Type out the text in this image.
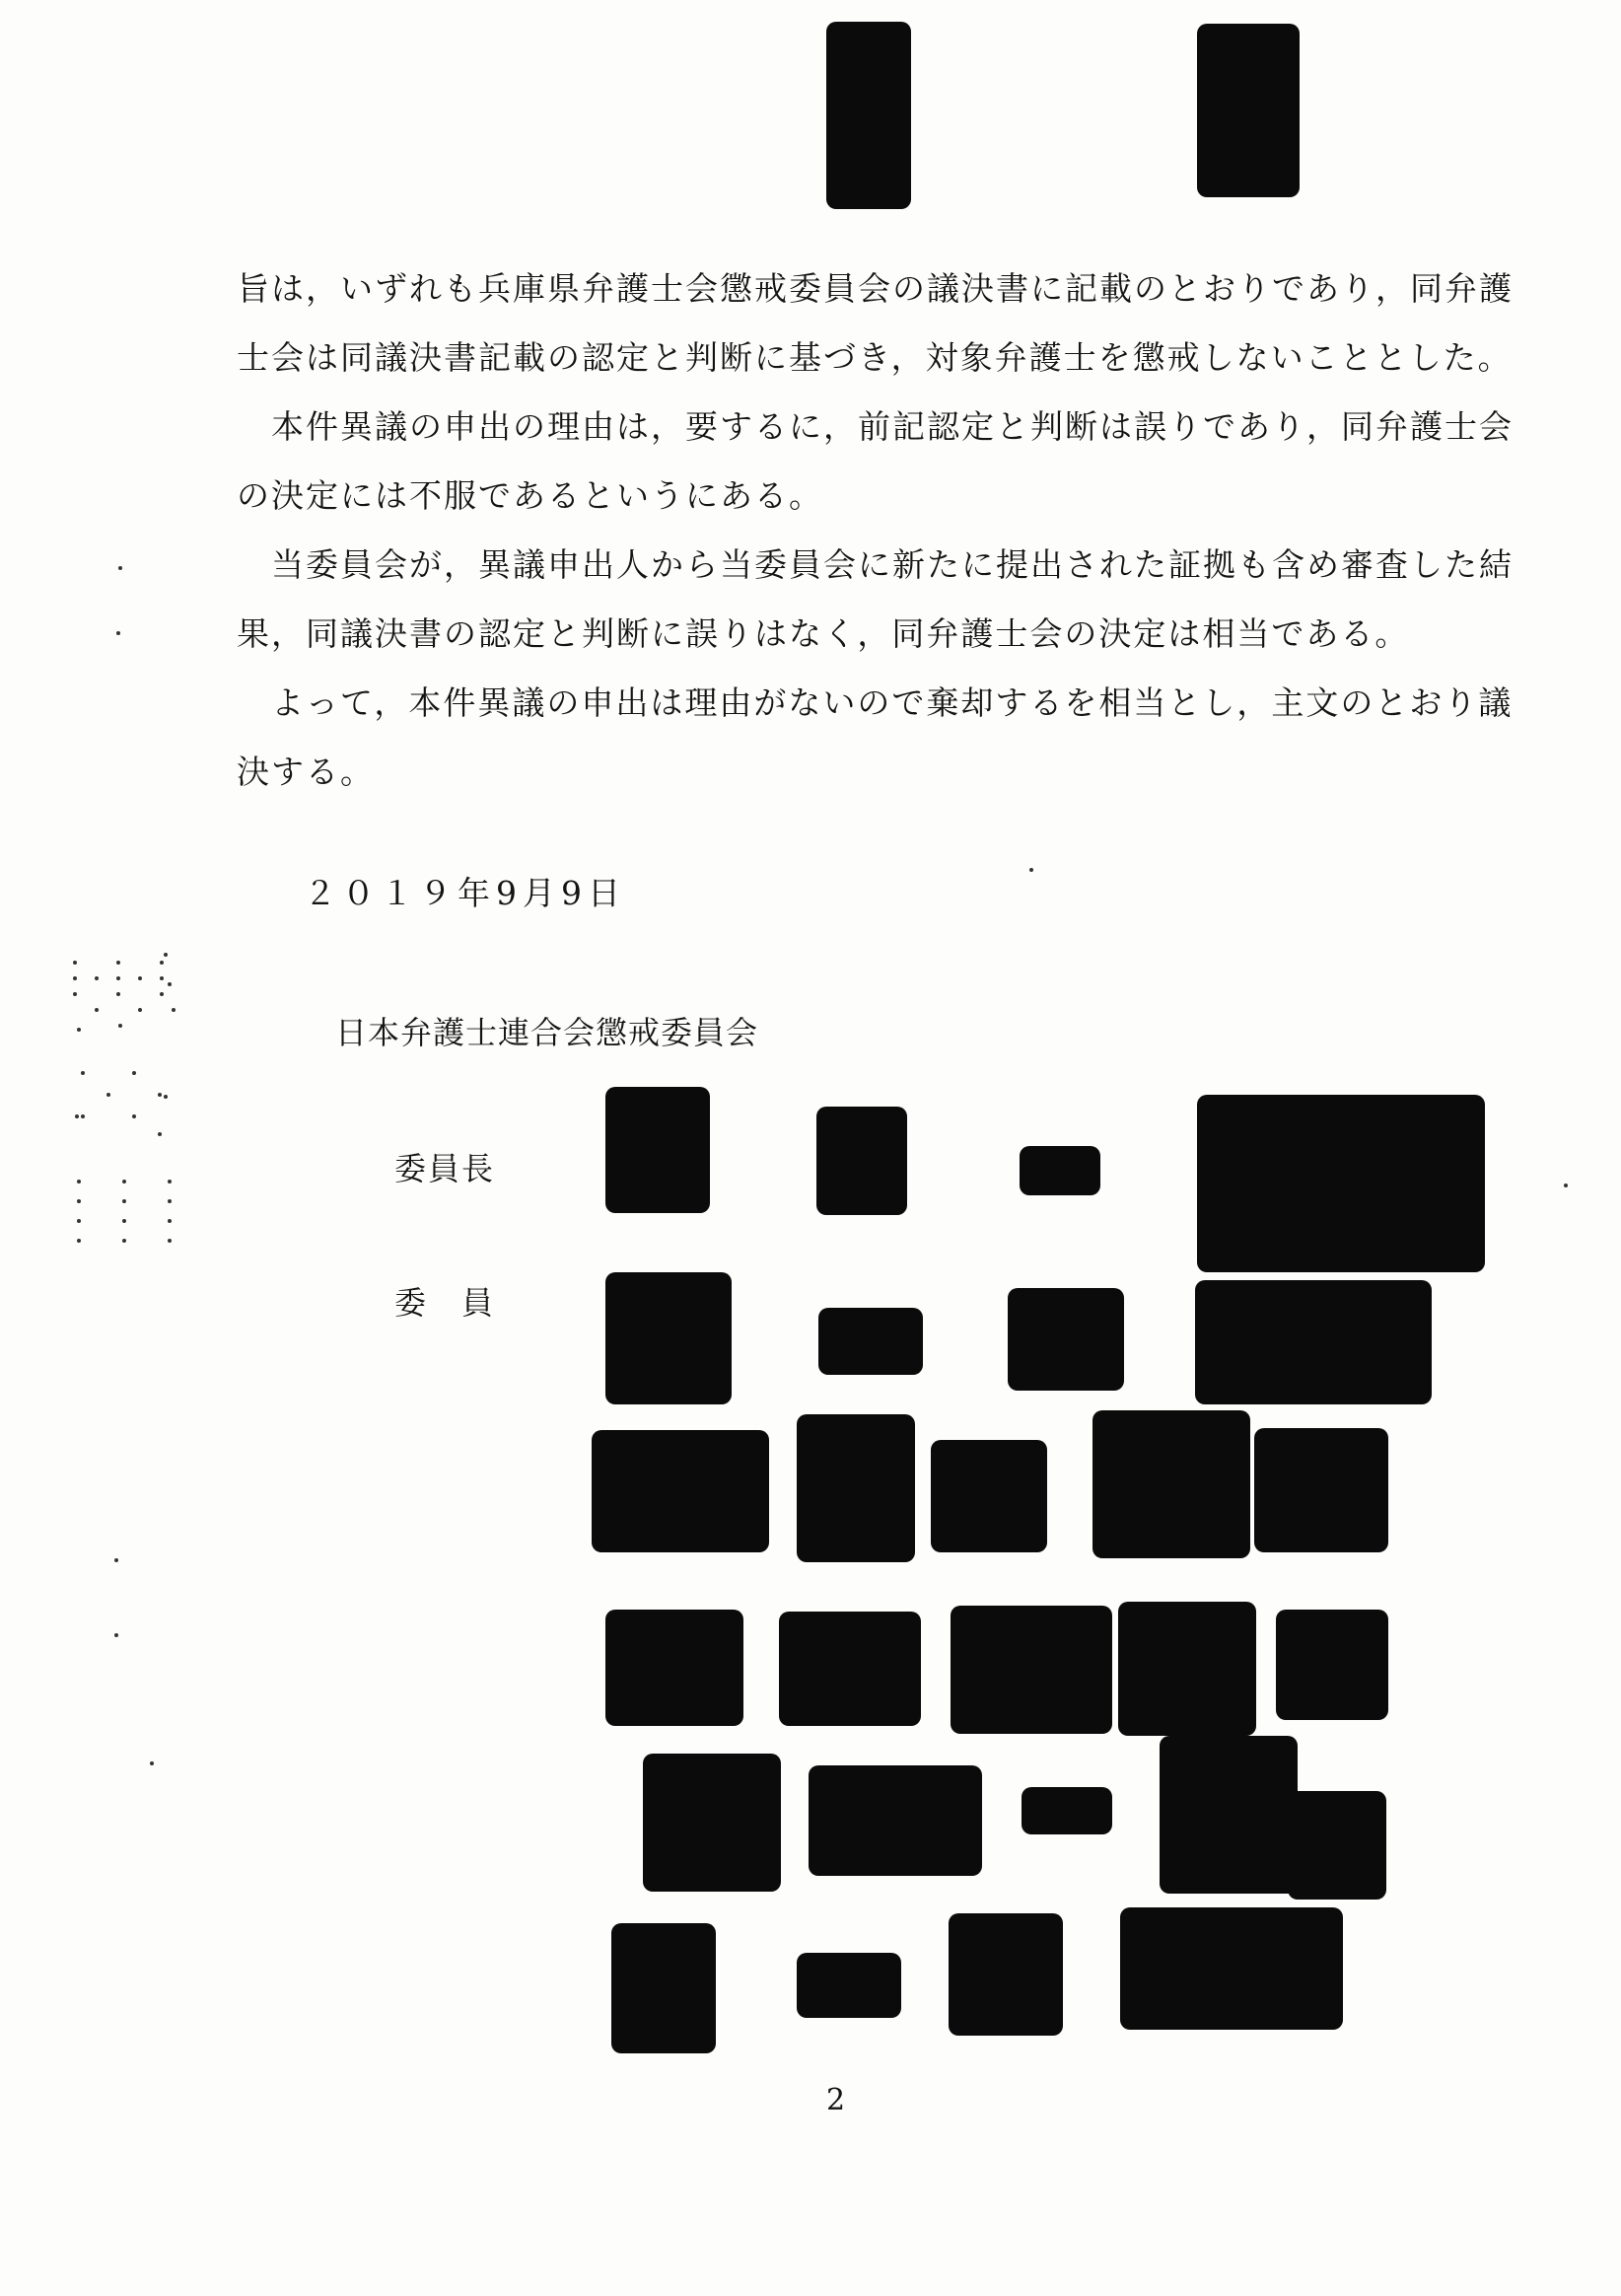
旨は，いずれも兵庫県弁護士会懲戒委員会の議決書に記載のとおりであり，同弁護
士会は同議決書記載の認定と判断に基づき，対象弁護士を懲戒しないこととした。

　本件異議の申出の理由は，要するに，前記認定と判断は誤りであり，同弁護士会
の決定には不服であるというにある。

　当委員会が，異議申出人から当委員会に新たに提出された証拠も含め審査した結
果，同議決書の認定と判断に誤りはなく，同弁護士会の決定は相当である。

　よって，本件異議の申出は理由がないので棄却するを相当とし，主文のとおり議
決する。

２０１９年9月9日
日本弁護士連合会懲戒委員会
委員長
委　員
2
